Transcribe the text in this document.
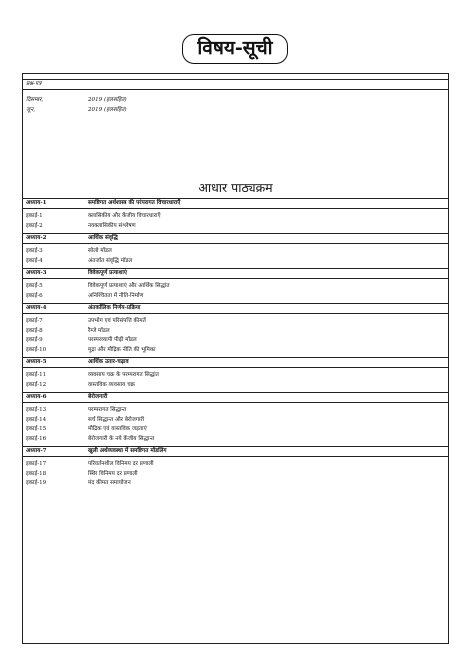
विषय-सूची
प्रश्न-पत्र
दिसम्बर,	2019 (हलसहित)
जून,	2019 (हलसहित)
आधार पाठ्यक्रम
अध्याय-1	समष्टिगत अर्थशास्त्र की परंपरागत विचारधाराएँ
इकाई-1	क्लासिकीय और केंजीय विचारधाराएँ
इकाई-2	नवक्लासिकीय संश्लेषण
अध्याय-2	आर्थिक संवृद्धि
इकाई-3	सोलो मॉडल
इकाई-4	अंतर्जात संवृद्धि मॉडल
अध्याय-3	विवेकपूर्ण प्रत्याशाएं
इकाई-5	विवेकपूर्ण प्रत्याशाएं और आर्थिक सिद्धांत
इकाई-6	अनिश्चितता में नीति-निर्माण
अध्याय-4	अंतर्कालिक निर्णय-प्रक्रिया
इकाई-7	उपभोग एवं परिसंपत्ति कीमतें
इकाई-8	रैम्जे मॉडल
इकाई-9	परस्परव्यापी पीढ़ी मॉडल
इकाई-10	मुद्रा और मौद्रिक नीति की भूमिका
अध्याय-5	आर्थिक उतार-चढ़ाव
इकाई-11	व्यवसाय चक्र के परम्परागत सिद्धांत
इकाई-12	वास्तविक व्यवसाय चक्र
अध्याय-6	बेरोजगारी
इकाई-13	परम्परागत सिद्धान्त
इकाई-14	सर्च सिद्धान्त और बेरोजगारी
इकाई-15	मौद्रिक एवं वास्तविक जड़ताएं
इकाई-16	बेरोजगारी के नये केंजीय सिद्धान्त
अध्याय-7	खुली अर्थव्यवस्था में समष्टिगत मॉडलिंग
इकाई-17	परिवर्तनशील विनिमय दर प्रणाली
इकाई-18	स्थिर विनिमय दर प्रणाली
इकाई-19	मंद कीमत समायोजन
